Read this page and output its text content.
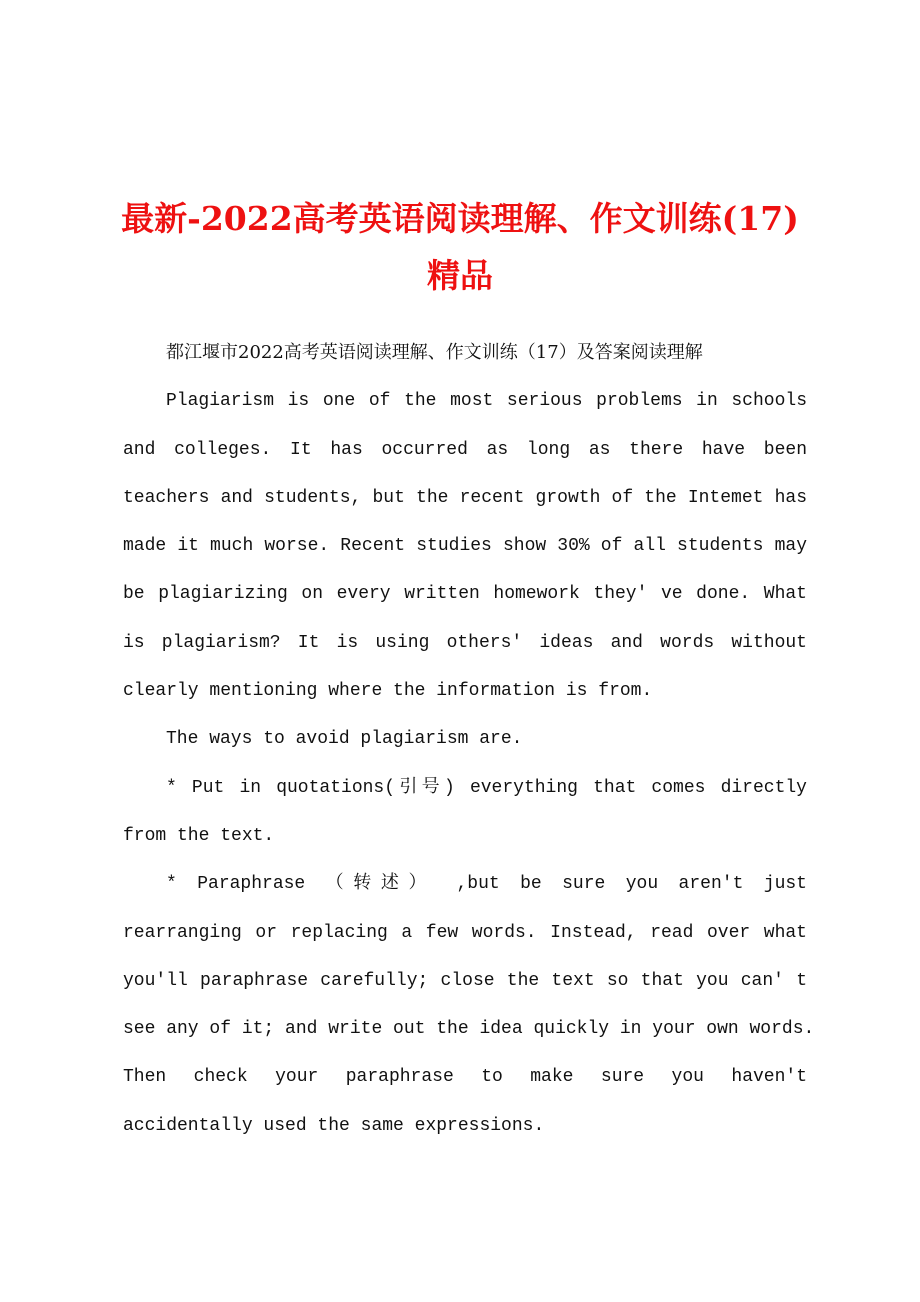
最新-2022高考英语阅读理解、作文训练(17)
精品
都江堰市2022高考英语阅读理解、作文训练（17）及答案阅读理解
Plagiarism is one of the most serious problems in schools
and colleges. It has occurred as long as there have been
teachers and students, but the recent growth of the Intemet has
made it much worse. Recent studies show 30% of all students may
be plagiarizing on every written homework they' ve done. What
is plagiarism? It is using others' ideas and words without
clearly mentioning where the information is from.
The ways to avoid plagiarism are.
* Put in quotations(引号) everything that comes directly
from the text.
* Paraphrase （转述） ,but be sure you aren't just
rearranging or replacing a few words. Instead, read over what
you'll paraphrase carefully; close the text so that you can' t
see any of it; and write out the idea quickly in your own words.
Then check your paraphrase to make sure you haven't
accidentally used the same expressions.
